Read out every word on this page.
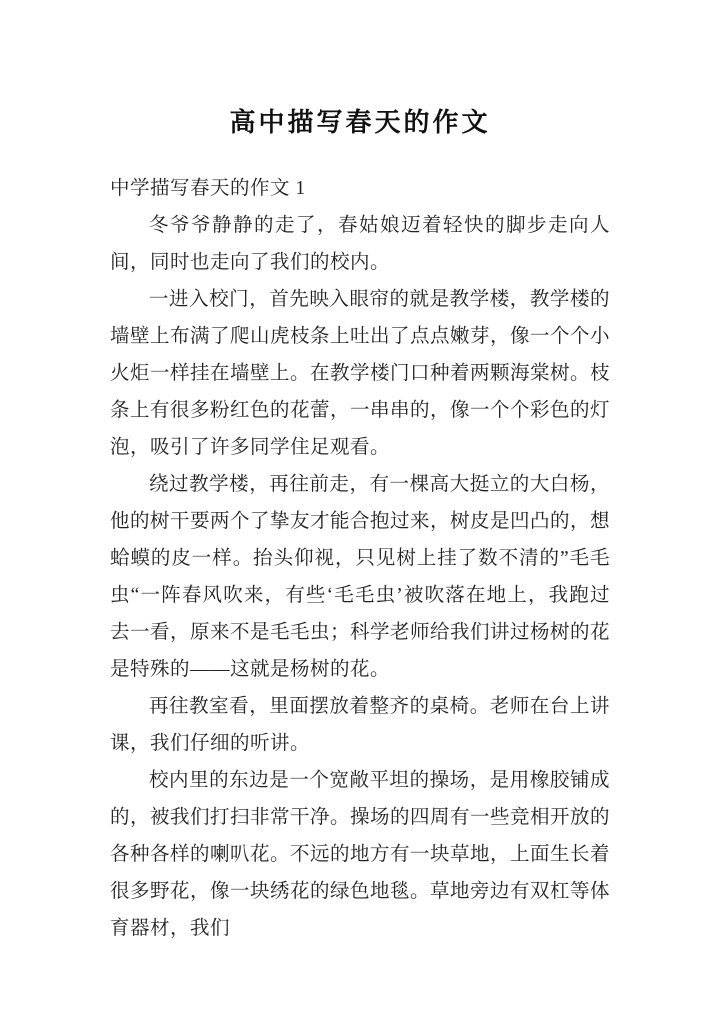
高中描写春天的作文

中学描写春天的作文 1

冬爷爷静静的走了，春姑娘迈着轻快的脚步走向人间，同时也走向了我们的校内。

一进入校门，首先映入眼帘的就是教学楼，教学楼的墙壁上布满了爬山虎枝条上吐出了点点嫩芽，像一个个小火炬一样挂在墙壁上。在教学楼门口种着两颗海棠树。枝条上有很多粉红色的花蕾，一串串的，像一个个彩色的灯泡，吸引了许多同学住足观看。

绕过教学楼，再往前走，有一棵高大挺立的大白杨，他的树干要两个了挚友才能合抱过来，树皮是凹凸的，想蛤蟆的皮一样。抬头仰视，只见树上挂了数不清的”毛毛虫“一阵春风吹来，有些‘毛毛虫’被吹落在地上，我跑过去一看，原来不是毛毛虫；科学老师给我们讲过杨树的花是特殊的——这就是杨树的花。

再往教室看，里面摆放着整齐的桌椅。老师在台上讲课，我们仔细的听讲。

校内里的东边是一个宽敞平坦的操场，是用橡胶铺成的，被我们打扫非常干净。操场的四周有一些竞相开放的各种各样的喇叭花。不远的地方有一块草地，上面生长着很多野花，像一块绣花的绿色地毯。草地旁边有双杠等体育器材，我们
